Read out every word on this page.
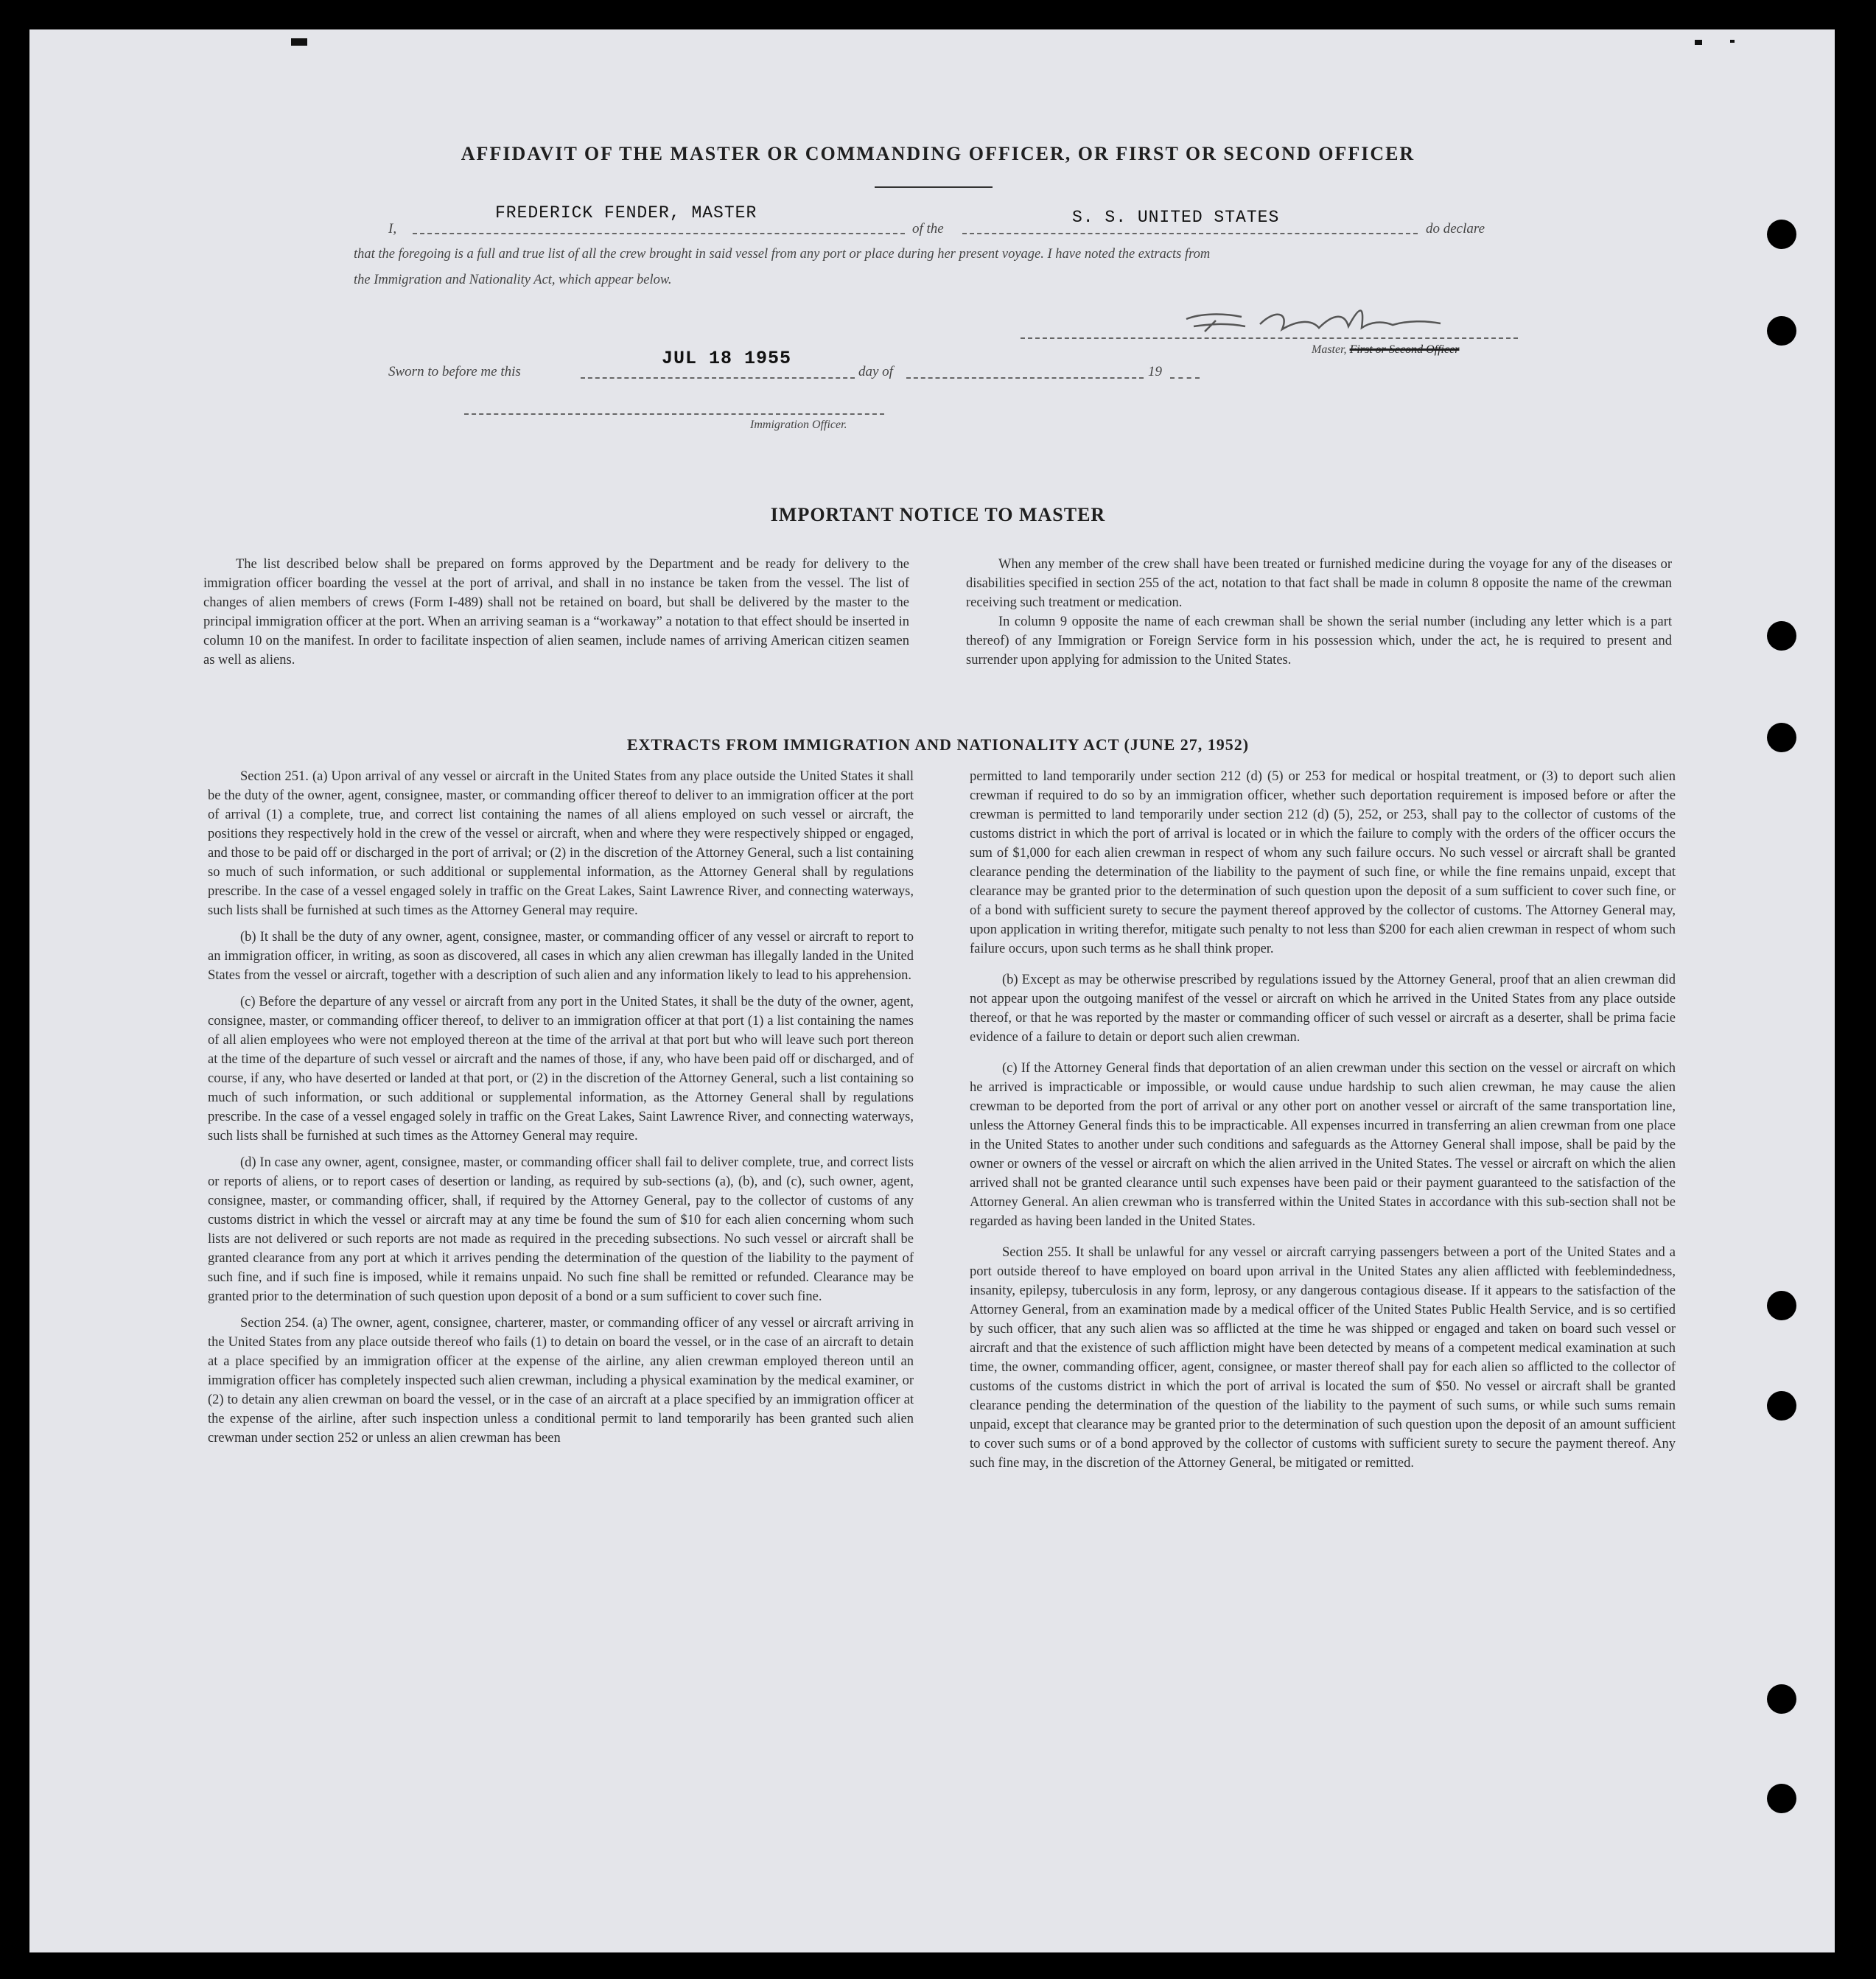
AFFIDAVIT OF THE MASTER OR COMMANDING OFFICER, OR FIRST OR SECOND OFFICER
I,
FREDERICK FENDER, MASTER
of the
S. S. UNITED STATES
do declare
that the foregoing is a full and true list of all the crew brought in said vessel from any port or place during her present voyage. I have noted the extracts from
the Immigration and Nationality Act, which appear below.
Master, First or Second Officer
Sworn to before me this
JUL 18 1955
day of	19
Immigration Officer.
IMPORTANT NOTICE TO MASTER

The list described below shall be prepared on forms approved by the Department and be ready for delivery to the immigration officer boarding the vessel at the port of arrival, and shall in no instance be taken from the vessel. The list of changes of alien members of crews (Form I-489) shall not be retained on board, but shall be delivered by the master to the principal immigration officer at the port. When an arriving seaman is a “workaway” a notation to that effect should be inserted in column 10 on the manifest. In order to facilitate inspection of alien seamen, include names of arriving American citizen seamen as well as aliens.

When any member of the crew shall have been treated or furnished medicine during the voyage for any of the diseases or disabilities specified in section 255 of the act, notation to that fact shall be made in column 8 opposite the name of the crewman receiving such treatment or medication.

In column 9 opposite the name of each crewman shall be shown the serial number (including any letter which is a part thereof) of any Immigration or Foreign Service form in his possession which, under the act, he is required to present and surrender upon applying for admission to the United States.

EXTRACTS FROM IMMIGRATION AND NATIONALITY ACT (JUNE 27, 1952)

Section 251. (a) Upon arrival of any vessel or aircraft in the United States from any place outside the United States it shall be the duty of the owner, agent, consignee, master, or commanding officer thereof to deliver to an immigration officer at the port of arrival (1) a complete, true, and correct list containing the names of all aliens employed on such vessel or aircraft, the positions they respectively hold in the crew of the vessel or aircraft, when and where they were respectively shipped or engaged, and those to be paid off or discharged in the port of arrival; or (2) in the discretion of the Attorney General, such a list containing so much of such information, or such additional or supplemental information, as the Attorney General shall by regulations prescribe. In the case of a vessel engaged solely in traffic on the Great Lakes, Saint Lawrence River, and connecting waterways, such lists shall be furnished at such times as the Attorney General may require.

(b) It shall be the duty of any owner, agent, consignee, master, or commanding officer of any vessel or aircraft to report to an immigration officer, in writing, as soon as discovered, all cases in which any alien crewman has illegally landed in the United States from the vessel or aircraft, together with a description of such alien and any information likely to lead to his apprehension.

(c) Before the departure of any vessel or aircraft from any port in the United States, it shall be the duty of the owner, agent, consignee, master, or commanding officer thereof, to deliver to an immigration officer at that port (1) a list containing the names of all alien employees who were not employed thereon at the time of the arrival at that port but who will leave such port thereon at the time of the departure of such vessel or aircraft and the names of those, if any, who have been paid off or discharged, and of course, if any, who have deserted or landed at that port, or (2) in the discretion of the Attorney General, such a list containing so much of such information, or such additional or supplemental information, as the Attorney General shall by regulations prescribe. In the case of a vessel engaged solely in traffic on the Great Lakes, Saint Lawrence River, and connecting waterways, such lists shall be furnished at such times as the Attorney General may require.

(d) In case any owner, agent, consignee, master, or commanding officer shall fail to deliver complete, true, and correct lists or reports of aliens, or to report cases of desertion or landing, as required by sub-sections (a), (b), and (c), such owner, agent, consignee, master, or commanding officer, shall, if required by the Attorney General, pay to the collector of customs of any customs district in which the vessel or aircraft may at any time be found the sum of $10 for each alien concerning whom such lists are not delivered or such reports are not made as required in the preceding subsections. No such vessel or aircraft shall be granted clearance from any port at which it arrives pending the determination of the question of the liability to the payment of such fine, and if such fine is imposed, while it remains unpaid. No such fine shall be remitted or refunded. Clearance may be granted prior to the determination of such question upon deposit of a bond or a sum sufficient to cover such fine.

Section 254. (a) The owner, agent, consignee, charterer, master, or commanding officer of any vessel or aircraft arriving in the United States from any place outside thereof who fails (1) to detain on board the vessel, or in the case of an aircraft to detain at a place specified by an immigration officer at the expense of the airline, any alien crewman employed thereon until an immigration officer has completely inspected such alien crewman, including a physical examination by the medical examiner, or (2) to detain any alien crewman on board the vessel, or in the case of an aircraft at a place specified by an immigration officer at the expense of the airline, after such inspection unless a conditional permit to land temporarily has been granted such alien crewman under section 252 or unless an alien crewman has been

permitted to land temporarily under section 212 (d) (5) or 253 for medical or hospital treatment, or (3) to deport such alien crewman if required to do so by an immigration officer, whether such deportation requirement is imposed before or after the crewman is permitted to land temporarily under section 212 (d) (5), 252, or 253, shall pay to the collector of customs of the customs district in which the port of arrival is located or in which the failure to comply with the orders of the officer occurs the sum of $1,000 for each alien crewman in respect of whom any such failure occurs. No such vessel or aircraft shall be granted clearance pending the determination of the liability to the payment of such fine, or while the fine remains unpaid, except that clearance may be granted prior to the determination of such question upon the deposit of a sum sufficient to cover such fine, or of a bond with sufficient surety to secure the payment thereof approved by the collector of customs. The Attorney General may, upon application in writing therefor, mitigate such penalty to not less than $200 for each alien crewman in respect of whom such failure occurs, upon such terms as he shall think proper.

(b) Except as may be otherwise prescribed by regulations issued by the Attorney General, proof that an alien crewman did not appear upon the outgoing manifest of the vessel or aircraft on which he arrived in the United States from any place outside thereof, or that he was reported by the master or commanding officer of such vessel or aircraft as a deserter, shall be prima facie evidence of a failure to detain or deport such alien crewman.

(c) If the Attorney General finds that deportation of an alien crewman under this section on the vessel or aircraft on which he arrived is impracticable or impossible, or would cause undue hardship to such alien crewman, he may cause the alien crewman to be deported from the port of arrival or any other port on another vessel or aircraft of the same transportation line, unless the Attorney General finds this to be impracticable. All expenses incurred in transferring an alien crewman from one place in the United States to another under such conditions and safeguards as the Attorney General shall impose, shall be paid by the owner or owners of the vessel or aircraft on which the alien arrived in the United States. The vessel or aircraft on which the alien arrived shall not be granted clearance until such expenses have been paid or their payment guaranteed to the satisfaction of the Attorney General. An alien crewman who is transferred within the United States in accordance with this sub-section shall not be regarded as having been landed in the United States.

Section 255. It shall be unlawful for any vessel or aircraft carrying passengers between a port of the United States and a port outside thereof to have employed on board upon arrival in the United States any alien afflicted with feeblemindedness, insanity, epilepsy, tuberculosis in any form, leprosy, or any dangerous contagious disease. If it appears to the satisfaction of the Attorney General, from an examination made by a medical officer of the United States Public Health Service, and is so certified by such officer, that any such alien was so afflicted at the time he was shipped or engaged and taken on board such vessel or aircraft and that the existence of such affliction might have been detected by means of a competent medical examination at such time, the owner, commanding officer, agent, consignee, or master thereof shall pay for each alien so afflicted to the collector of customs of the customs district in which the port of arrival is located the sum of $50. No vessel or aircraft shall be granted clearance pending the determination of the question of the liability to the payment of such sums, or while such sums remain unpaid, except that clearance may be granted prior to the determination of such question upon the deposit of an amount sufficient to cover such sums or of a bond approved by the collector of customs with sufficient surety to secure the payment thereof. Any such fine may, in the discretion of the Attorney General, be mitigated or remitted.
